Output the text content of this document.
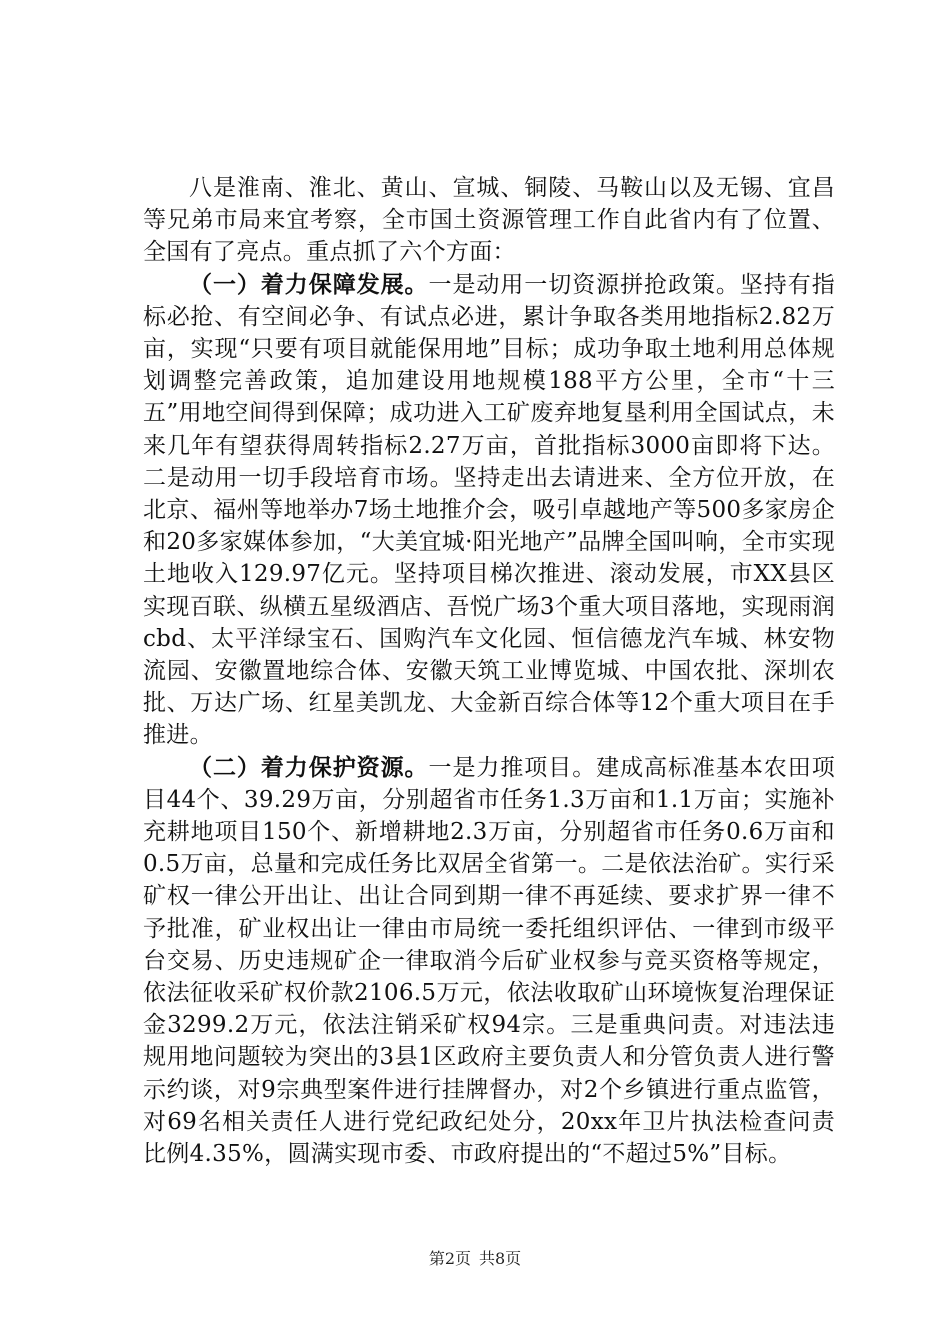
八是淮南、淮北、黄山、宣城、铜陵、马鞍山以及无锡、宜昌等兄弟市局来宜考察，全市国土资源管理工作自此省内有了位置、全国有了亮点。重点抓了六个方面：

（一）着力保障发展。一是动用一切资源拼抢政策。坚持有指标必抢、有空间必争、有试点必进，累计争取各类用地指标2.82万亩，实现“只要有项目就能保用地”目标；成功争取土地利用总体规划调整完善政策，追加建设用地规模188平方公里，全市“十三五”用地空间得到保障；成功进入工矿废弃地复垦利用全国试点，未来几年有望获得周转指标2.27万亩，首批指标3000亩即将下达。二是动用一切手段培育市场。坚持走出去请进来、全方位开放，在北京、福州等地举办7场土地推介会，吸引卓越地产等500多家房企和20多家媒体参加，“大美宜城·阳光地产”品牌全国叫响，全市实现土地收入129.97亿元。坚持项目梯次推进、滚动发展，市XX县区实现百联、纵横五星级酒店、吾悦广场3个重大项目落地，实现雨润cbd、太平洋绿宝石、国购汽车文化园、恒信德龙汽车城、林安物流园、安徽置地综合体、安徽天筑工业博览城、中国农批、深圳农批、万达广场、红星美凯龙、大金新百综合体等12个重大项目在手推进。

（二）着力保护资源。一是力推项目。建成高标准基本农田项目44个、39.29万亩，分别超省市任务1.3万亩和1.1万亩；实施补充耕地项目150个、新增耕地2.3万亩，分别超省市任务0.6万亩和0.5万亩，总量和完成任务比双居全省第一。二是依法治矿。实行采矿权一律公开出让、出让合同到期一律不再延续、要求扩界一律不予批准，矿业权出让一律由市局统一委托组织评估、一律到市级平台交易、历史违规矿企一律取消今后矿业权参与竞买资格等规定，依法征收采矿权价款2106.5万元，依法收取矿山环境恢复治理保证金3299.2万元，依法注销采矿权94宗。三是重典问责。对违法违规用地问题较为突出的3县1区政府主要负责人和分管负责人进行警示约谈，对9宗典型案件进行挂牌督办，对2个乡镇进行重点监管，对69名相关责任人进行党纪政纪处分，20xx年卫片执法检查问责比例4.35%，圆满实现市委、市政府提出的“不超过5%”目标。

第2页 共8页
